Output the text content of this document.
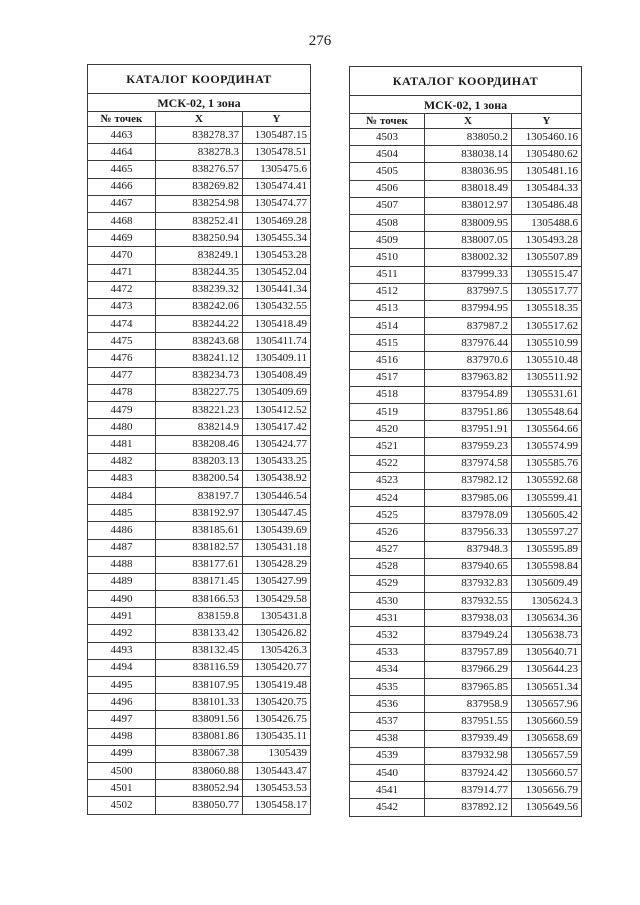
276
КАТАЛОГ КООРДИНАТ		
МСК-02, 1 зона		
№ точек	X	Y
4463	838278.37	1305487.15
4464	838278.3	1305478.51
4465	838276.57	1305475.6
4466	838269.82	1305474.41
4467	838254.98	1305474.77
4468	838252.41	1305469.28
4469	838250.94	1305455.34
4470	838249.1	1305453.28
4471	838244.35	1305452.04
4472	838239.32	1305441.34
4473	838242.06	1305432.55
4474	838244.22	1305418.49
4475	838243.68	1305411.74
4476	838241.12	1305409.11
4477	838234.73	1305408.49
4478	838227.75	1305409.69
4479	838221.23	1305412.52
4480	838214.9	1305417.42
4481	838208.46	1305424.77
4482	838203.13	1305433.25
4483	838200.54	1305438.92
4484	838197.7	1305446.54
4485	838192.97	1305447.45
4486	838185.61	1305439.69
4487	838182.57	1305431.18
4488	838177.61	1305428.29
4489	838171.45	1305427.99
4490	838166.53	1305429.58
4491	838159.8	1305431.8
4492	838133.42	1305426.82
4493	838132.45	1305426.3
4494	838116.59	1305420.77
4495	838107.95	1305419.48
4496	838101.33	1305420.75
4497	838091.56	1305426.75
4498	838081.86	1305435.11
4499	838067.38	1305439
4500	838060.88	1305443.47
4501	838052.94	1305453.53
4502	838050.77	1305458.17
КАТАЛОГ КООРДИНАТ		
МСК-02, 1 зона		
№ точек	X	Y
4503	838050.2	1305460.16
4504	838038.14	1305480.62
4505	838036.95	1305481.16
4506	838018.49	1305484.33
4507	838012.97	1305486.48
4508	838009.95	1305488.6
4509	838007.05	1305493.28
4510	838002.32	1305507.89
4511	837999.33	1305515.47
4512	837997.5	1305517.77
4513	837994.95	1305518.35
4514	837987.2	1305517.62
4515	837976.44	1305510.99
4516	837970.6	1305510.48
4517	837963.82	1305511.92
4518	837954.89	1305531.61
4519	837951.86	1305548.64
4520	837951.91	1305564.66
4521	837959.23	1305574.99
4522	837974.58	1305585.76
4523	837982.12	1305592.68
4524	837985.06	1305599.41
4525	837978.09	1305605.42
4526	837956.33	1305597.27
4527	837948.3	1305595.89
4528	837940.65	1305598.84
4529	837932.83	1305609.49
4530	837932.55	1305624.3
4531	837938.03	1305634.36
4532	837949.24	1305638.73
4533	837957.89	1305640.71
4534	837966.29	1305644.23
4535	837965.85	1305651.34
4536	837958.9	1305657.96
4537	837951.55	1305660.59
4538	837939.49	1305658.69
4539	837932.98	1305657.59
4540	837924.42	1305660.57
4541	837914.77	1305656.79
4542	837892.12	1305649.56
